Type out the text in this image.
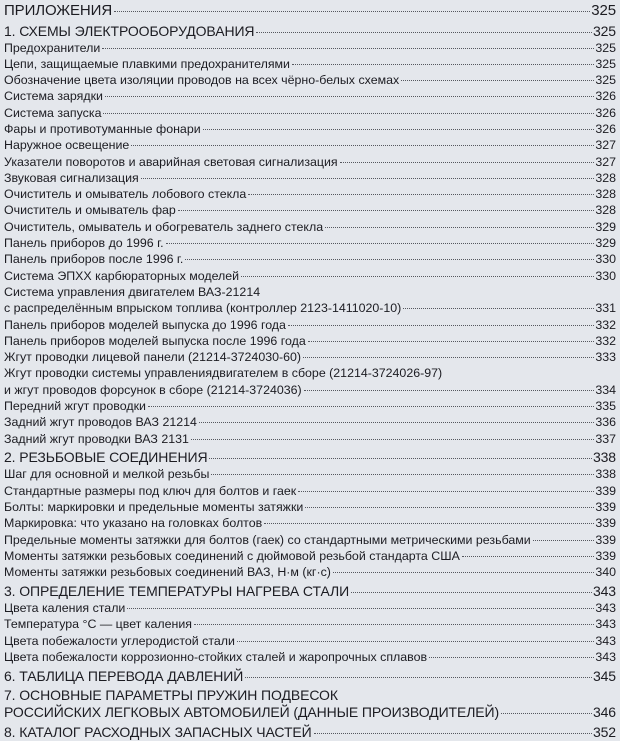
ПРИЛОЖЕНИЯ	325
1. СХЕМЫ ЭЛЕКТРООБОРУДОВАНИЯ	325
Предохранители	325
Цепи, защищаемые плавкими предохранителями	325
Обозначение цвета изоляции проводов на всех чёрно-белых схемах	325
Система зарядки	326
Система запуска	326
Фары и противотуманные фонари	326
Наружное освещение	327
Указатели поворотов и аварийная световая сигнализация	327
Звуковая сигнализация	328
Очиститель и омыватель лобового стекла	328
Очиститель и омыватель фар	328
Очиститель, омыватель и обогреватель заднего стекла	329
Панель приборов до 1996 г.	329
Панель приборов после 1996 г.	330
Система ЭПХХ карбюраторных моделей	330
Система управления двигателем ВАЗ-21214
с распределённым впрыском топлива (контроллер 2123-1411020-10)	331
Панель приборов моделей выпуска до 1996 года	332
Панель приборов моделей выпуска после 1996 года	332
Жгут проводки лицевой панели (21214-3724030-60)	333
Жгут проводки системы управлениядвигателем в сборе (21214-3724026-97)
и жгут проводов форсунок в сборе (21214-3724036)	334
Передний жгут проводки	335
Задний жгут проводов ВАЗ 21214	336
Задний жгут проводки ВАЗ 2131	337
2. РЕЗЬБОВЫЕ СОЕДИНЕНИЯ	338
Шаг для основной и мелкой резьбы	338
Стандартные размеры под ключ для болтов и гаек	339
Болты: маркировки и предельные моменты затяжки	339
Маркировка: что указано на головках болтов	339
Предельные моменты затяжки для болтов (гаек) со стандартными метрическими резьбами	339
Моменты затяжки резьбовых соединений с дюймовой резьбой стандарта США	339
Моменты затяжки резьбовых соединений ВАЗ, Н·м (кг·с)	340
3. ОПРЕДЕЛЕНИЕ ТЕМПЕРАТУРЫ НАГРЕВА СТАЛИ	343
Цвета каления стали	343
Температура °С — цвет каления	343
Цвета побежалости углеродистой стали	343
Цвета побежалости коррозионно-стойких сталей и жаропрочных сплавов	343
6. ТАБЛИЦА ПЕРЕВОДА ДАВЛЕНИЙ	345
7. ОСНОВНЫЕ ПАРАМЕТРЫ ПРУЖИН ПОДВЕСОК
РОССИЙСКИХ ЛЕГКОВЫХ АВТОМОБИЛЕЙ (ДАННЫЕ ПРОИЗВОДИТЕЛЕЙ)	346
8. КАТАЛОГ РАСХОДНЫХ ЗАПАСНЫХ ЧАСТЕЙ	352
